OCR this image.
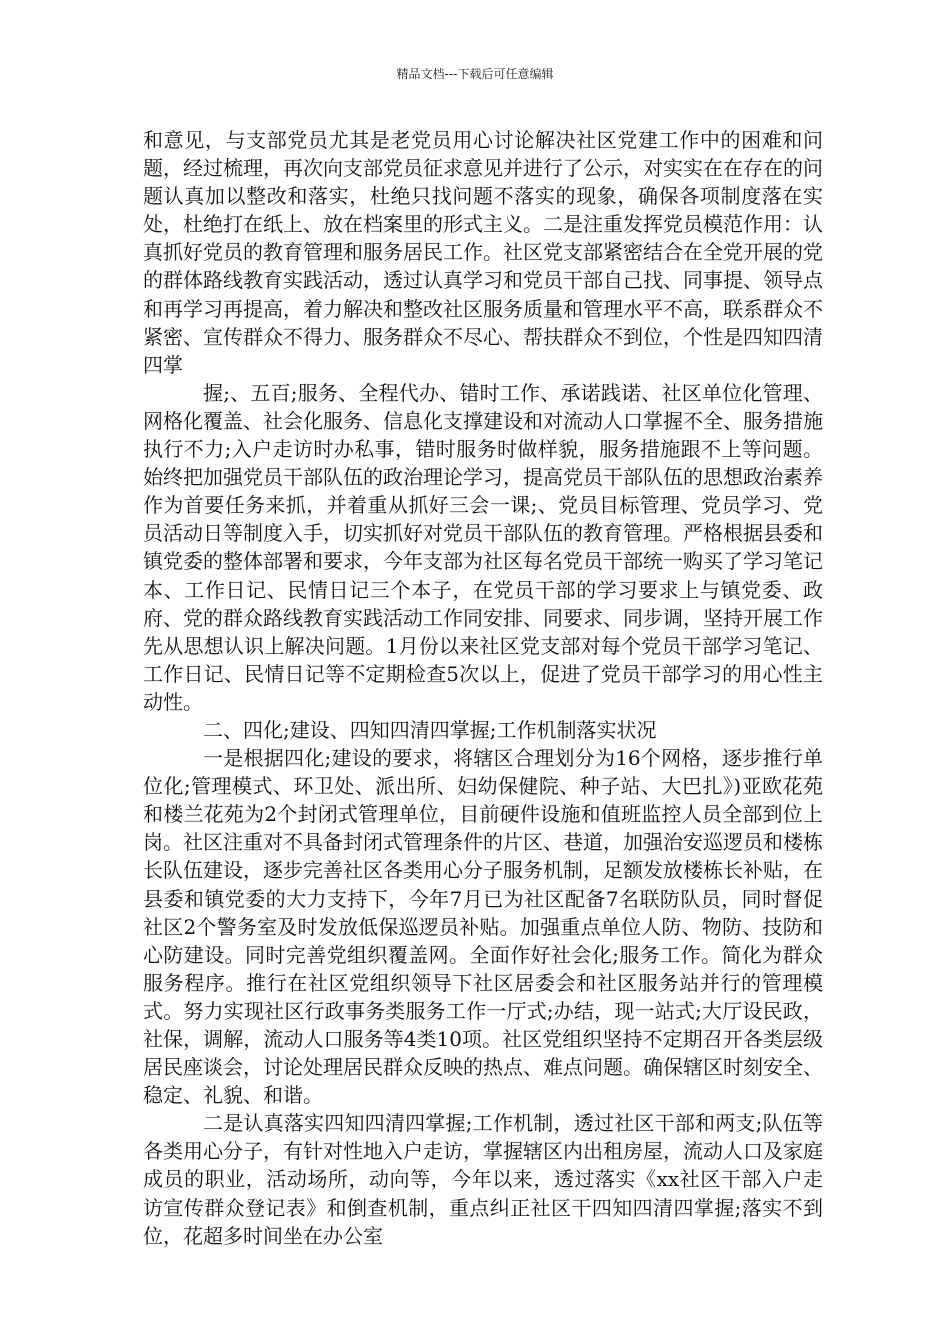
精品文档---下载后可任意编辑

和意见，与支部党员尤其是老党员用心讨论解决社区党建工作中的困难和问题，经过梳理，再次向支部党员征求意见并进行了公示，对实实在在存在的问题认真加以整改和落实，杜绝只找问题不落实的现象，确保各项制度落在实处，杜绝打在纸上、放在档案里的形式主义。二是注重发挥党员模范作用：认真抓好党员的教育管理和服务居民工作。社区党支部紧密结合在全党开展的党的群体路线教育实践活动，透过认真学习和党员干部自己找、同事提、领导点和再学习再提高，着力解决和整改社区服务质量和管理水平不高，联系群众不紧密、宣传群众不得力、服务群众不尽心、帮扶群众不到位，个性是四知四清四掌

握;、五百;服务、全程代办、错时工作、承诺践诺、社区单位化管理、网格化覆盖、社会化服务、信息化支撑建设和对流动人口掌握不全、服务措施执行不力;入户走访时办私事，错时服务时做样貌，服务措施跟不上等问题。始终把加强党员干部队伍的政治理论学习，提高党员干部队伍的思想政治素养作为首要任务来抓，并着重从抓好三会一课;、党员目标管理、党员学习、党员活动日等制度入手，切实抓好对党员干部队伍的教育管理。严格根据县委和镇党委的整体部署和要求，今年支部为社区每名党员干部统一购买了学习笔记本、工作日记、民情日记三个本子，在党员干部的学习要求上与镇党委、政府、党的群众路线教育实践活动工作同安排、同要求、同步调，坚持开展工作先从思想认识上解决问题。1月份以来社区党支部对每个党员干部学习笔记、工作日记、民情日记等不定期检查5次以上，促进了党员干部学习的用心性主动性。

二、四化;建设、四知四清四掌握;工作机制落实状况

一是根据四化;建设的要求，将辖区合理划分为16个网格，逐步推行单位化;管理模式、环卫处、派出所、妇幼保健院、种子站、大巴扎》)亚欧花苑和楼兰花苑为2个封闭式管理单位，目前硬件设施和值班监控人员全部到位上岗。社区注重对不具备封闭式管理条件的片区、巷道，加强治安巡逻员和楼栋长队伍建设，逐步完善社区各类用心分子服务机制，足额发放楼栋长补贴，在县委和镇党委的大力支持下，今年7月已为社区配备7名联防队员，同时督促社区2个警务室及时发放低保巡逻员补贴。加强重点单位人防、物防、技防和心防建设。同时完善党组织覆盖网。全面作好社会化;服务工作。简化为群众服务程序。推行在社区党组织领导下社区居委会和社区服务站并行的管理模式。努力实现社区行政事务类服务工作一厅式;办结，现一站式;大厅设民政，社保，调解，流动人口服务等4类10项。社区党组织坚持不定期召开各类层级居民座谈会，讨论处理居民群众反映的热点、难点问题。确保辖区时刻安全、稳定、礼貌、和谐。

二是认真落实四知四清四掌握;工作机制，透过社区干部和两支;队伍等各类用心分子，有针对性地入户走访，掌握辖区内出租房屋，流动人口及家庭成员的职业，活动场所，动向等，今年以来，透过落实《xx社区干部入户走访宣传群众登记表》和倒查机制，重点纠正社区干四知四清四掌握;落实不到位，花超多时间坐在办公室
